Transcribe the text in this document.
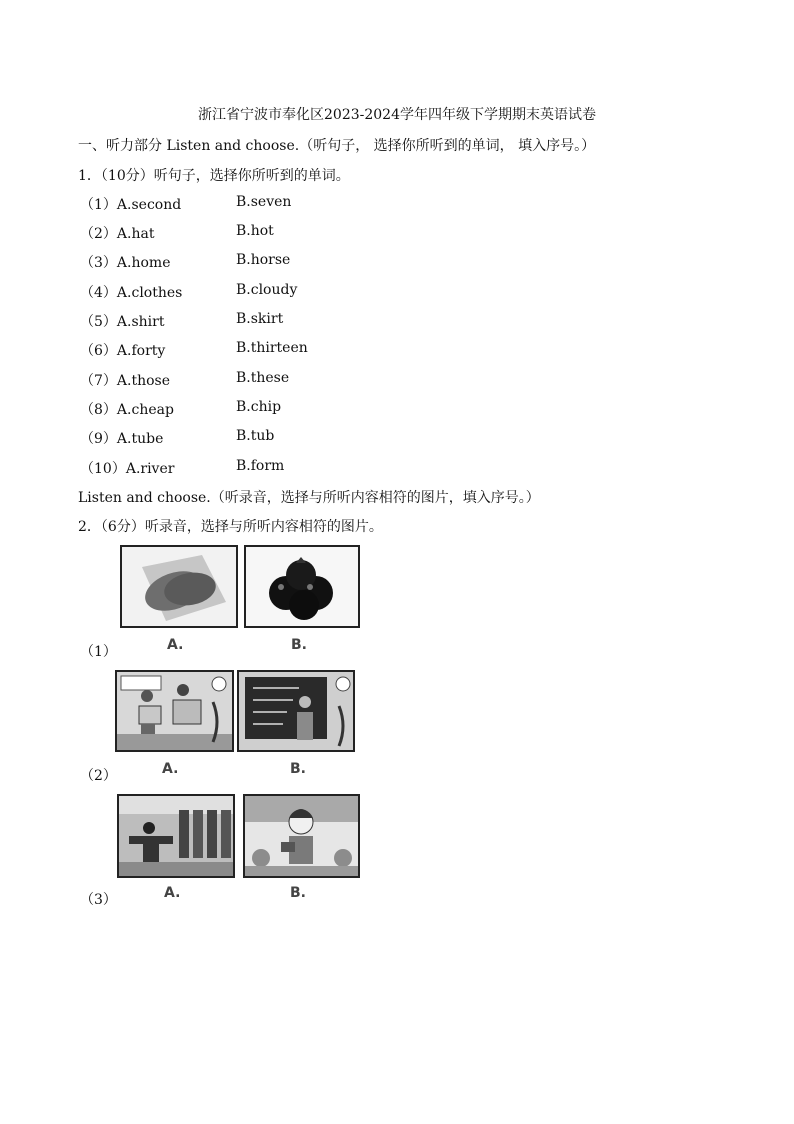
浙江省宁波市奉化区2023-2024学年四年级下学期期末英语试卷
一、听力部分 Listen and choose.（听句子， 选择你所听到的单词， 填入序号。）
1．（10分）听句子，选择你所听到的单词。
（1）A.second	B.seven
（2）A.hat	B.hot
（3）A.home	B.horse
（4）A.clothes	B.cloudy
（5）A.shirt	B.skirt
（6）A.forty	B.thirteen
（7）A.those	B.these
（8）A.cheap	B.chip
（9）A.tube	B.tub
（10）A.river	B.form
Listen and choose.（听录音，选择与所听内容相符的图片，填入序号。）
2．（6分）听录音，选择与所听内容相符的图片。
（1）	A.	B.
（2）	A.	B.
（3）	A.	B.
